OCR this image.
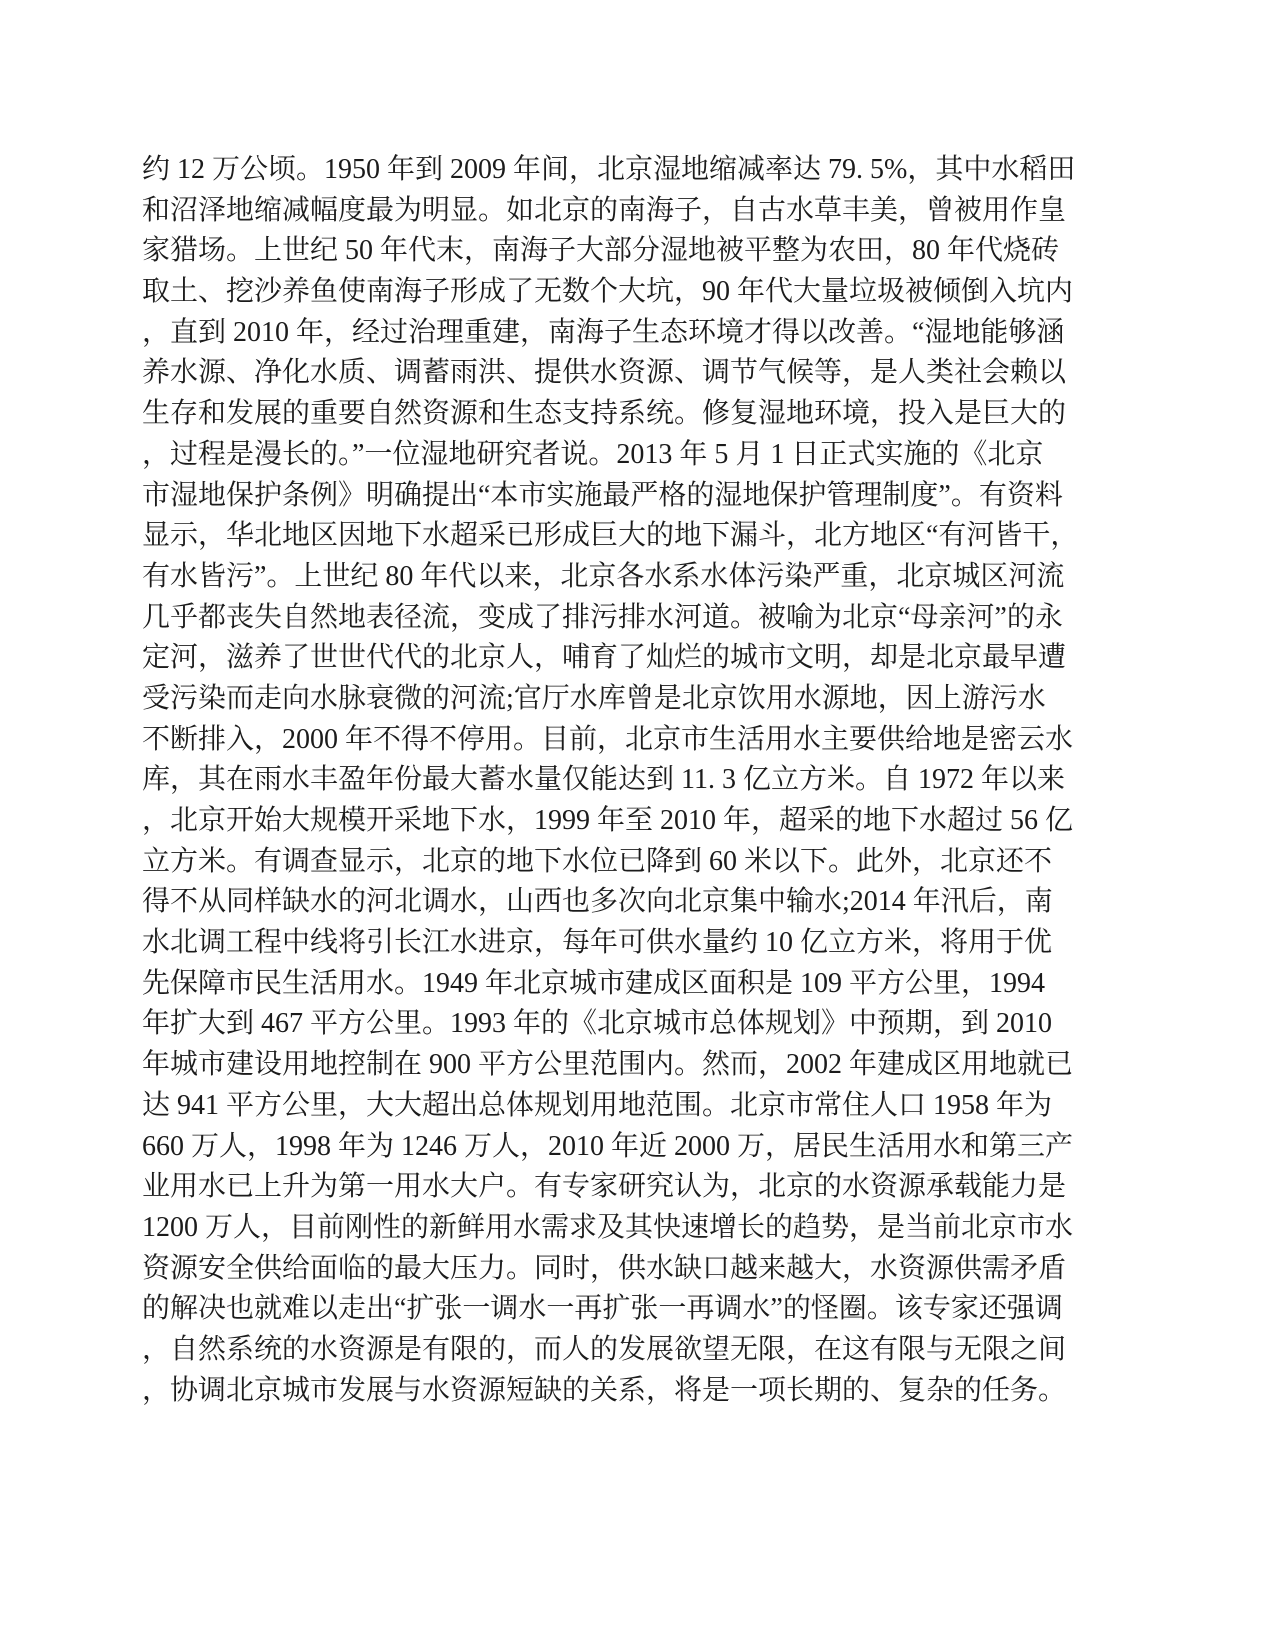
约 12 万公顷。1950 年到 2009 年间，北京湿地缩减率达 79. 5%，其中水稻田
和沼泽地缩减幅度最为明显。如北京的南海子，自古水草丰美，曾被用作皇
家猎场。上世纪 50 年代末，南海子大部分湿地被平整为农田，80 年代烧砖
取土、挖沙养鱼使南海子形成了无数个大坑，90 年代大量垃圾被倾倒入坑内
，直到 2010 年，经过治理重建，南海子生态环境才得以改善。“湿地能够涵
养水源、净化水质、调蓄雨洪、提供水资源、调节气候等，是人类社会赖以
生存和发展的重要自然资源和生态支持系统。修复湿地环境，投入是巨大的
，过程是漫长的。”一位湿地研究者说。2013 年 5 月 1 日正式实施的《北京
市湿地保护条例》明确提出“本市实施最严格的湿地保护管理制度”。有资料
显示，华北地区因地下水超采已形成巨大的地下漏斗，北方地区“有河皆干，
有水皆污”。上世纪 80 年代以来，北京各水系水体污染严重，北京城区河流
几乎都丧失自然地表径流，变成了排污排水河道。被喻为北京“母亲河”的永
定河，滋养了世世代代的北京人，哺育了灿烂的城市文明，却是北京最早遭
受污染而走向水脉衰微的河流;官厅水库曾是北京饮用水源地，因上游污水
不断排入，2000 年不得不停用。目前，北京市生活用水主要供给地是密云水
库，其在雨水丰盈年份最大蓄水量仅能达到 11. 3 亿立方米。自 1972 年以来
，北京开始大规模开采地下水，1999 年至 2010 年，超采的地下水超过 56 亿
立方米。有调查显示，北京的地下水位已降到 60 米以下。此外，北京还不
得不从同样缺水的河北调水，山西也多次向北京集中输水;2014 年汛后，南
水北调工程中线将引长江水进京，每年可供水量约 10 亿立方米，将用于优
先保障市民生活用水。1949 年北京城市建成区面积是 109 平方公里，1994
年扩大到 467 平方公里。1993 年的《北京城市总体规划》中预期，到 2010
年城市建设用地控制在 900 平方公里范围内。然而，2002 年建成区用地就已
达 941 平方公里，大大超出总体规划用地范围。北京市常住人口 1958 年为
660 万人，1998 年为 1246 万人，2010 年近 2000 万，居民生活用水和第三产
业用水已上升为第一用水大户。有专家研究认为，北京的水资源承载能力是
1200 万人，目前刚性的新鲜用水需求及其快速增长的趋势，是当前北京市水
资源安全供给面临的最大压力。同时，供水缺口越来越大，水资源供需矛盾
的解决也就难以走出“扩张一调水一再扩张一再调水”的怪圈。该专家还强调
，自然系统的水资源是有限的，而人的发展欲望无限，在这有限与无限之间
，协调北京城市发展与水资源短缺的关系，将是一项长期的、复杂的任务。
